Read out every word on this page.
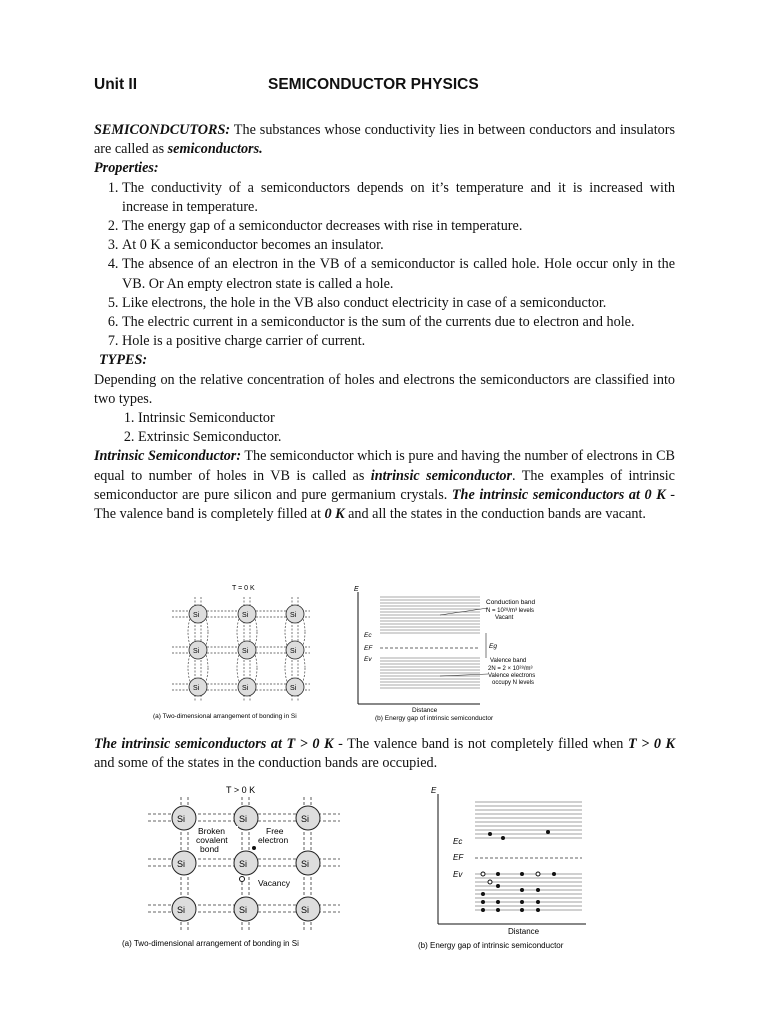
Unit II	SEMICONDUCTOR PHYSICS

SEMICONDCUTORS: The substances whose conductivity lies in between conductors and insulators are called as semiconductors.

Properties:

1. The conductivity of a semiconductors depends on it’s temperature and it is increased with increase in temperature.
2. The energy gap of a semiconductor decreases with rise in temperature.
3. At 0 K a semiconductor becomes an insulator.
4. The absence of an electron in the VB of a semiconductor is called hole. Hole occur only in the VB. Or An empty electron state is called a hole.
5. Like electrons, the hole in the VB also conduct electricity in case of a semiconductor.
6. The electric current in a semiconductor is the sum of the currents due to electron and hole.
7. Hole is a positive charge carrier of current.

TYPES:

Depending on the relative concentration of holes and electrons the semiconductors are classified into two types.

1. Intrinsic Semiconductor
2. Extrinsic Semiconductor.

Intrinsic Semiconductor: The semiconductor which is pure and having the number of electrons in CB equal to number of holes in VB is called as intrinsic semiconductor. The examples of intrinsic semiconductor are pure silicon and pure germanium crystals. The intrinsic semiconductors at 0 K - The valence band is completely filled at 0 K and all the states in the conduction bands are vacant.

T = 0 K
Si	Si	Si
Si	Si	Si
Si	Si	Si
(a) Two-dimensional arrangement of bonding in Si
E
Ec
EF
Ev
Eg
Conduction band
N = 10²⁸/m³ levels
Vacant
Valence band
2N = 2 × 10²⁸/m³
Valence electrons
occupy N levels
Distance
(b) Energy gap of intrinsic semiconductor

The intrinsic semiconductors at T > 0 K - The valence band is not completely filled when T > 0 K and some of the states in the conduction bands are occupied.

T > 0 K
Si	Si	Si
Si	Si	Si
Si	Si	Si
Broken
covalent
bond
Free
electron
Vacancy
(a) Two-dimensional arrangement of bonding in Si
E
Ec
EF
Ev
Distance
(b) Energy gap of intrinsic semiconductor
